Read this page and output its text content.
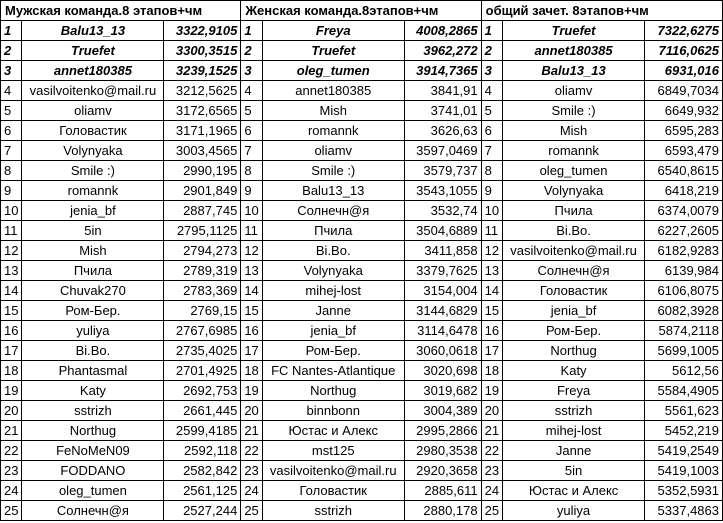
Мужская команда.8 этапов+чм			Женская команда.8этапов+чм			общий зачет. 8этапов+чм		
1	Balu13_13	3322,9105	1	Freya	4008,2865	1	Truefet	7322,6275
2	Truefet	3300,3515	2	Truefet	3962,272	2	annet180385	7116,0625
3	annet180385	3239,1525	3	oleg_tumen	3914,7365	3	Balu13_13	6931,016
4	vasilvoitenko@mail.ru	3212,5625	4	annet180385	3841,91	4	oliamv	6849,7034
5	oliamv	3172,6565	5	Mish	3741,01	5	Smile :)	6649,932
6	Головастик	3171,1965	6	romannk	3626,63	6	Mish	6595,283
7	Volynyaka	3003,4565	7	oliamv	3597,0469	7	romannk	6593,479
8	Smile :)	2990,195	8	Smile :)	3579,737	8	oleg_tumen	6540,8615
9	romannk	2901,849	9	Balu13_13	3543,1055	9	Volynyaka	6418,219
10	jenia_bf	2887,745	10	Солнечн@я	3532,74	10	Пчила	6374,0079
11	5in	2795,1125	11	Пчила	3504,6889	11	Bi.Bo.	6227,2605
12	Mish	2794,273	12	Bi.Bo.	3411,858	12	vasilvoitenko@mail.ru	6182,9283
13	Пчила	2789,319	13	Volynyaka	3379,7625	13	Солнечн@я	6139,984
14	Chuvak270	2783,369	14	mihej-lost	3154,004	14	Головастик	6106,8075
15	Ром-Бер.	2769,15	15	Janne	3144,6829	15	jenia_bf	6082,3928
16	yuliya	2767,6985	16	jenia_bf	3114,6478	16	Ром-Бер.	5874,2118
17	Bi.Bo.	2735,4025	17	Ром-Бер.	3060,0618	17	Northug	5699,1005
18	Phantasmal	2701,4925	18	FC Nantes-Atlantique	3020,698	18	Katy	5612,56
19	Katy	2692,753	19	Northug	3019,682	19	Freya	5584,4905
20	sstrizh	2661,445	20	binnbonn	3004,389	20	sstrizh	5561,623
21	Northug	2599,4185	21	Юстас и Алекс	2995,2866	21	mihej-lost	5452,219
22	FeNoMeN09	2592,118	22	mst125	2980,3538	22	Janne	5419,2549
23	FODDANO	2582,842	23	vasilvoitenko@mail.ru	2920,3658	23	5in	5419,1003
24	oleg_tumen	2561,125	24	Головастик	2885,611	24	Юстас и Алекс	5352,5931
25	Солнечн@я	2527,244	25	sstrizh	2880,178	25	yuliya	5337,4863
